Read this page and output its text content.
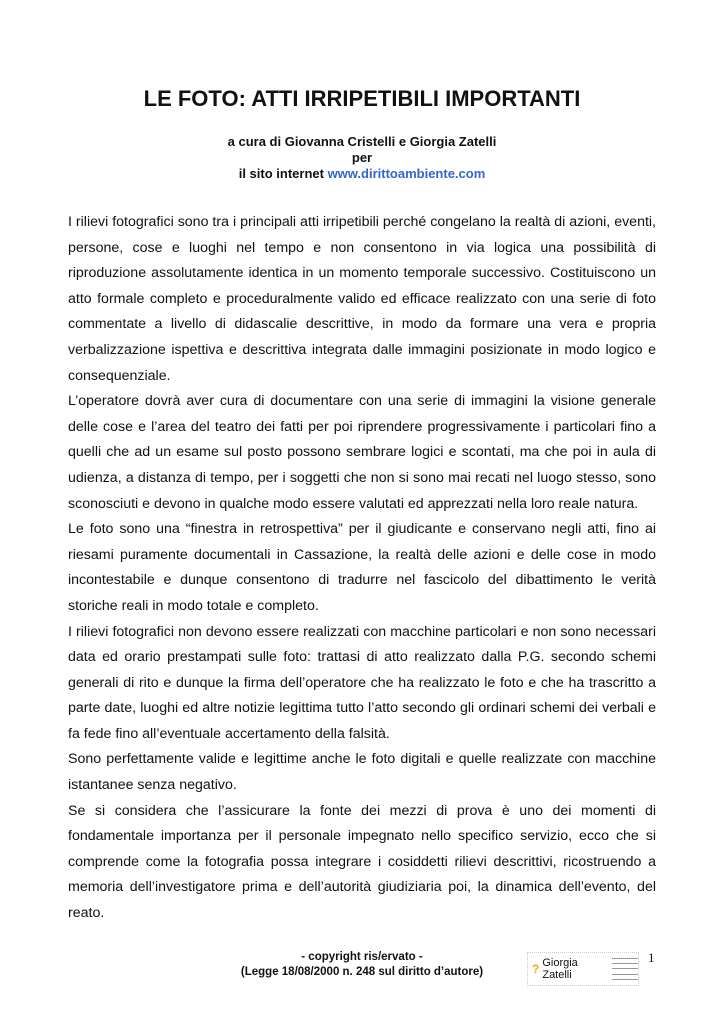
LE FOTO: ATTI IRRIPETIBILI IMPORTANTI
a cura di Giovanna Cristelli e Giorgia Zatelli
per
il sito internet www.dirittoambiente.com

I rilievi fotografici sono tra i principali atti irripetibili perché congelano la realtà di azioni, eventi, persone, cose e luoghi nel tempo e non consentono in via logica una possibilità di riproduzione assolutamente identica in un momento temporale successivo. Costituiscono un atto formale completo e proceduralmente valido ed efficace realizzato con una serie di foto commentate a livello di didascalie descrittive, in modo da formare una vera e propria verbalizzazione ispettiva e descrittiva integrata dalle immagini posizionate in modo logico e consequenziale.

L’operatore dovrà aver cura di documentare con una serie di immagini la visione generale delle cose e l’area del teatro dei fatti per poi riprendere progressivamente i particolari fino a quelli che ad un esame sul posto possono sembrare logici e scontati, ma che poi in aula di udienza, a distanza di tempo, per i soggetti che non si sono mai recati nel luogo stesso, sono sconosciuti e devono in qualche modo essere valutati ed apprezzati nella loro reale natura.

Le foto sono una “finestra in retrospettiva” per il giudicante e conservano negli atti, fino ai riesami puramente documentali in Cassazione, la realtà delle azioni e delle cose in modo incontestabile e dunque consentono di tradurre nel fascicolo del dibattimento le verità storiche reali in modo totale e completo.

I rilievi fotografici non devono essere realizzati con macchine particolari e non sono necessari data ed orario prestampati sulle foto: trattasi di atto realizzato dalla P.G. secondo schemi generali di rito e dunque la firma dell’operatore che ha realizzato le foto e che ha trascritto a parte date, luoghi ed altre notizie legittima tutto l’atto secondo gli ordinari schemi dei verbali e fa fede fino all’eventuale accertamento della falsità.

Sono perfettamente valide e legittime anche le foto digitali e quelle realizzate con macchine istantanee senza negativo.

Se si considera che l’assicurare la fonte dei mezzi di prova è uno dei momenti di fondamentale importanza per il personale impegnato nello specifico servizio, ecco che si comprende come la fotografia possa integrare i cosiddetti rilievi descrittivi, ricostruendo a memoria dell’investigatore prima e dell’autorità giudiziaria poi, la dinamica dell’evento, del reato.

- copyright ris/ervato -
(Legge 18/08/2000 n. 248 sul diritto d’autore)	? Giorgia Zatelli
1
